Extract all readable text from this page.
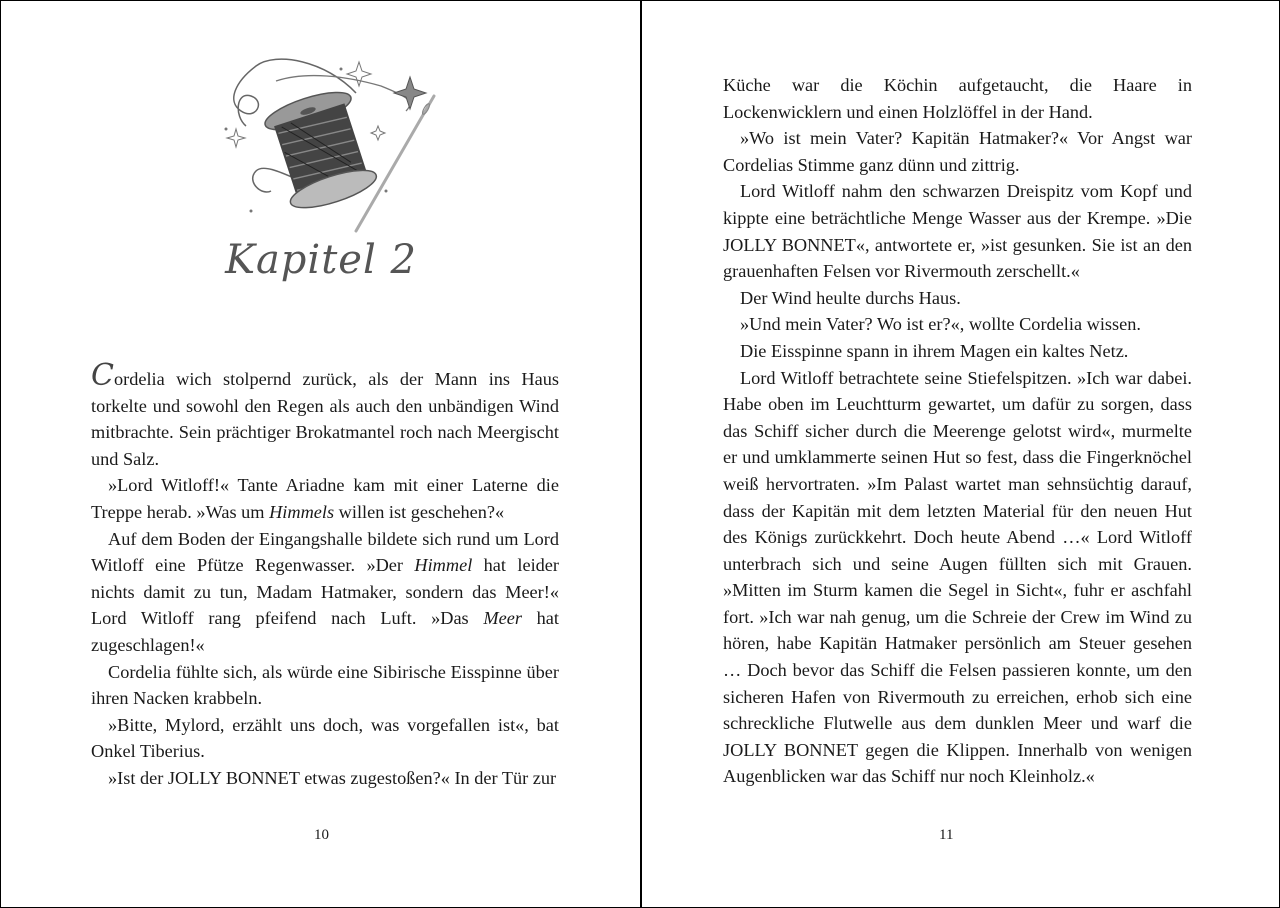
Kapitel 2

Cordelia wich stolpernd zurück, als der Mann ins Haus torkelte und sowohl den Regen als auch den unbändigen Wind mitbrachte. Sein prächtiger Brokatmantel roch nach Meergischt und Salz.

»Lord Witloff!« Tante Ariadne kam mit einer Laterne die Treppe herab. »Was um Himmels willen ist geschehen?«

Auf dem Boden der Eingangshalle bildete sich rund um Lord Witloff eine Pfütze Regenwasser. »Der Himmel hat leider nichts damit zu tun, Madam Hatmaker, sondern das Meer!« Lord Witloff rang pfeifend nach Luft. »Das Meer hat zugeschlagen!«

Cordelia fühlte sich, als würde eine Sibirische Eisspinne über ihren Nacken krabbeln.

»Bitte, Mylord, erzählt uns doch, was vorgefallen ist«, bat Onkel Tiberius.

»Ist der JOLLY BONNET etwas zugestoßen?« In der Tür zur

10

Küche war die Köchin aufgetaucht, die Haare in Lockenwicklern und einen Holzlöffel in der Hand.

»Wo ist mein Vater? Kapitän Hatmaker?« Vor Angst war Cordelias Stimme ganz dünn und zittrig.

Lord Witloff nahm den schwarzen Dreispitz vom Kopf und kippte eine beträchtliche Menge Wasser aus der Krempe. »Die JOLLY BONNET«, antwortete er, »ist gesunken. Sie ist an den grauenhaften Felsen vor Rivermouth zerschellt.«

Der Wind heulte durchs Haus.

»Und mein Vater? Wo ist er?«, wollte Cordelia wissen.

Die Eisspinne spann in ihrem Magen ein kaltes Netz.

Lord Witloff betrachtete seine Stiefelspitzen. »Ich war dabei. Habe oben im Leuchtturm gewartet, um dafür zu sorgen, dass das Schiff sicher durch die Meerenge gelotst wird«, murmelte er und umklammerte seinen Hut so fest, dass die Fingerknöchel weiß hervortraten. »Im Palast wartet man sehnsüchtig darauf, dass der Kapitän mit dem letzten Material für den neuen Hut des Königs zurückkehrt. Doch heute Abend …« Lord Witloff unterbrach sich und seine Augen füllten sich mit Grauen. »Mitten im Sturm kamen die Segel in Sicht«, fuhr er aschfahl fort. »Ich war nah genug, um die Schreie der Crew im Wind zu hören, habe Kapitän Hatmaker persönlich am Steuer gesehen … Doch bevor das Schiff die Felsen passieren konnte, um den sicheren Hafen von Rivermouth zu erreichen, erhob sich eine schreckliche Flutwelle aus dem dunklen Meer und warf die JOLLY BONNET gegen die Klippen. Innerhalb von wenigen Augenblicken war das Schiff nur noch Kleinholz.«

11
